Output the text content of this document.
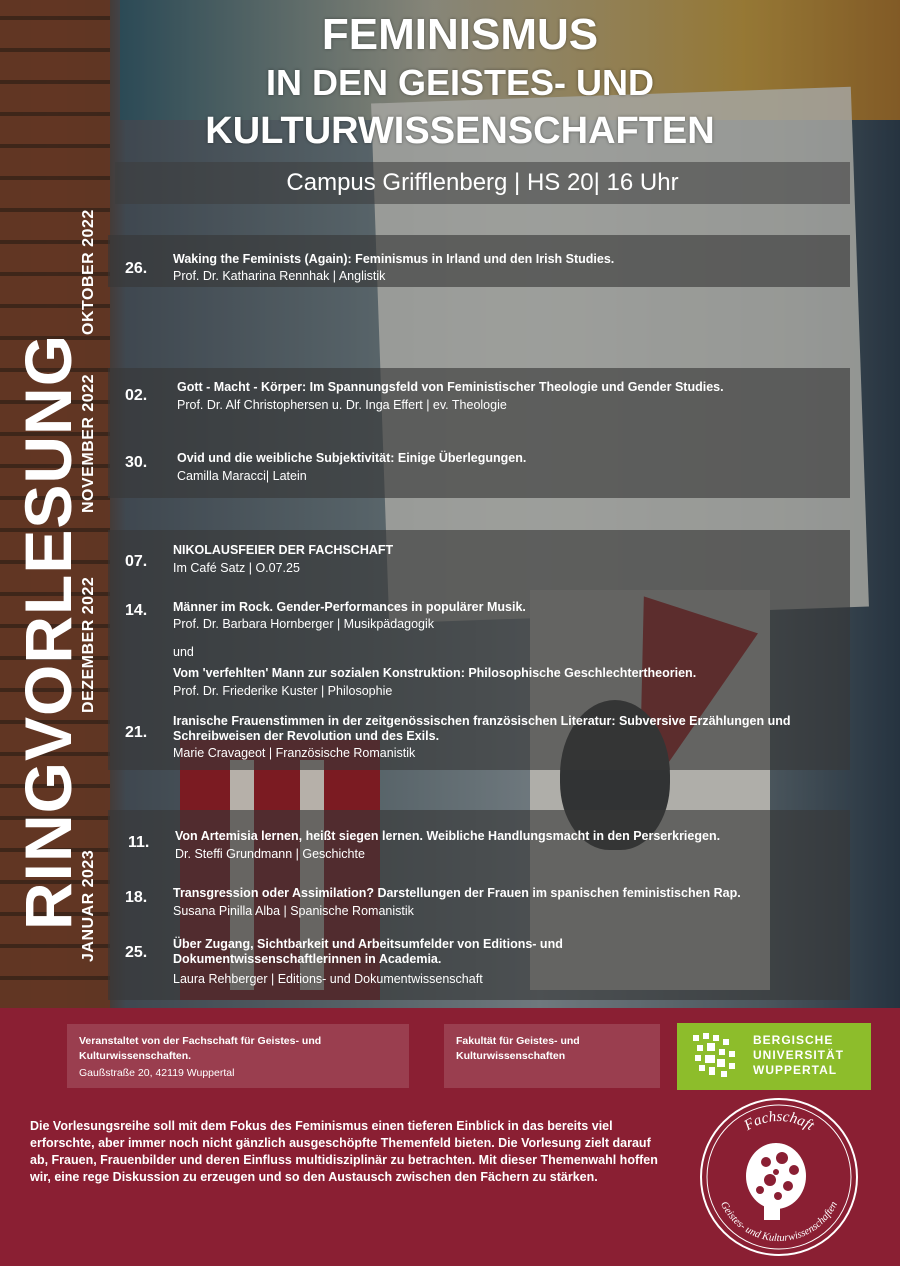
FEMINISMUS
IN DEN GEISTES- UND
KULTURWISSENSCHAFTEN
Campus Grifflenberg | HS 20| 16 Uhr
RINGVORLESUNG
OKTOBER 2022
NOVEMBER 2022
DEZEMBER 2022
JANUAR 2023
26.
Waking the Feminists (Again): Feminismus in Irland und den Irish Studies.
Prof. Dr. Katharina Rennhak | Anglistik
02. Gott - Macht - Körper: Im Spannungsfeld von Feministischer Theologie und Gender Studies.
Prof. Dr. Alf Christophersen u. Dr. Inga Effert | ev. Theologie
30. Ovid und die weibliche Subjektivität: Einige Überlegungen.
Camilla Maracci| Latein
07.
NIKOLAUSFEIER DER FACHSCHAFT
Im Café Satz | O.07.25
14. Männer im Rock. Gender-Performances in populärer Musik.
Prof. Dr. Barbara Hornberger | Musikpädagogik
und
Vom 'verfehlten' Mann zur sozialen Konstruktion: Philosophische Geschlechtertheorien.
Prof. Dr. Friederike Kuster | Philosophie
21.
Iranische Frauenstimmen in der zeitgenössischen französischen Literatur: Subversive Erzählungen und Schreibweisen der Revolution und des Exils.
Marie Cravageot | Französische Romanistik
11. Von Artemisia lernen, heißt siegen lernen. Weibliche Handlungsmacht in den Perserkriegen.
Dr. Steffi Grundmann | Geschichte
18. Transgression oder Assimilation? Darstellungen der Frauen im spanischen feministischen Rap.
Susana Pinilla Alba | Spanische Romanistik
25. Über Zugang, Sichtbarkeit und Arbeitsumfelder von Editions- und Dokumentwissenschaftlerinnen in Academia.
Laura Rehberger | Editions- und Dokumentwissenschaft
Veranstaltet von der Fachschaft für Geistes- und
Kulturwissenschaften.
Gaußstraße 20, 42119 Wuppertal
Fakultät für Geistes- und
Kulturwissenschaften
BERGISCHE
UNIVERSITÄT
WUPPERTAL
Die Vorlesungsreihe soll mit dem Fokus des Feminismus einen tieferen Einblick in das bereits viel erforschte, aber immer noch nicht gänzlich ausgeschöpfte Themenfeld bieten. Die Vorlesung zielt darauf ab, Frauen, Frauenbilder und deren Einfluss multidisziplinär zu betrachten. Mit dieser Themenwahl hoffen wir, eine rege Diskussion zu erzeugen und so den Austausch zwischen den Fächern zu stärken.
Fachschaft
Geistes- und Kulturwissenschaften
